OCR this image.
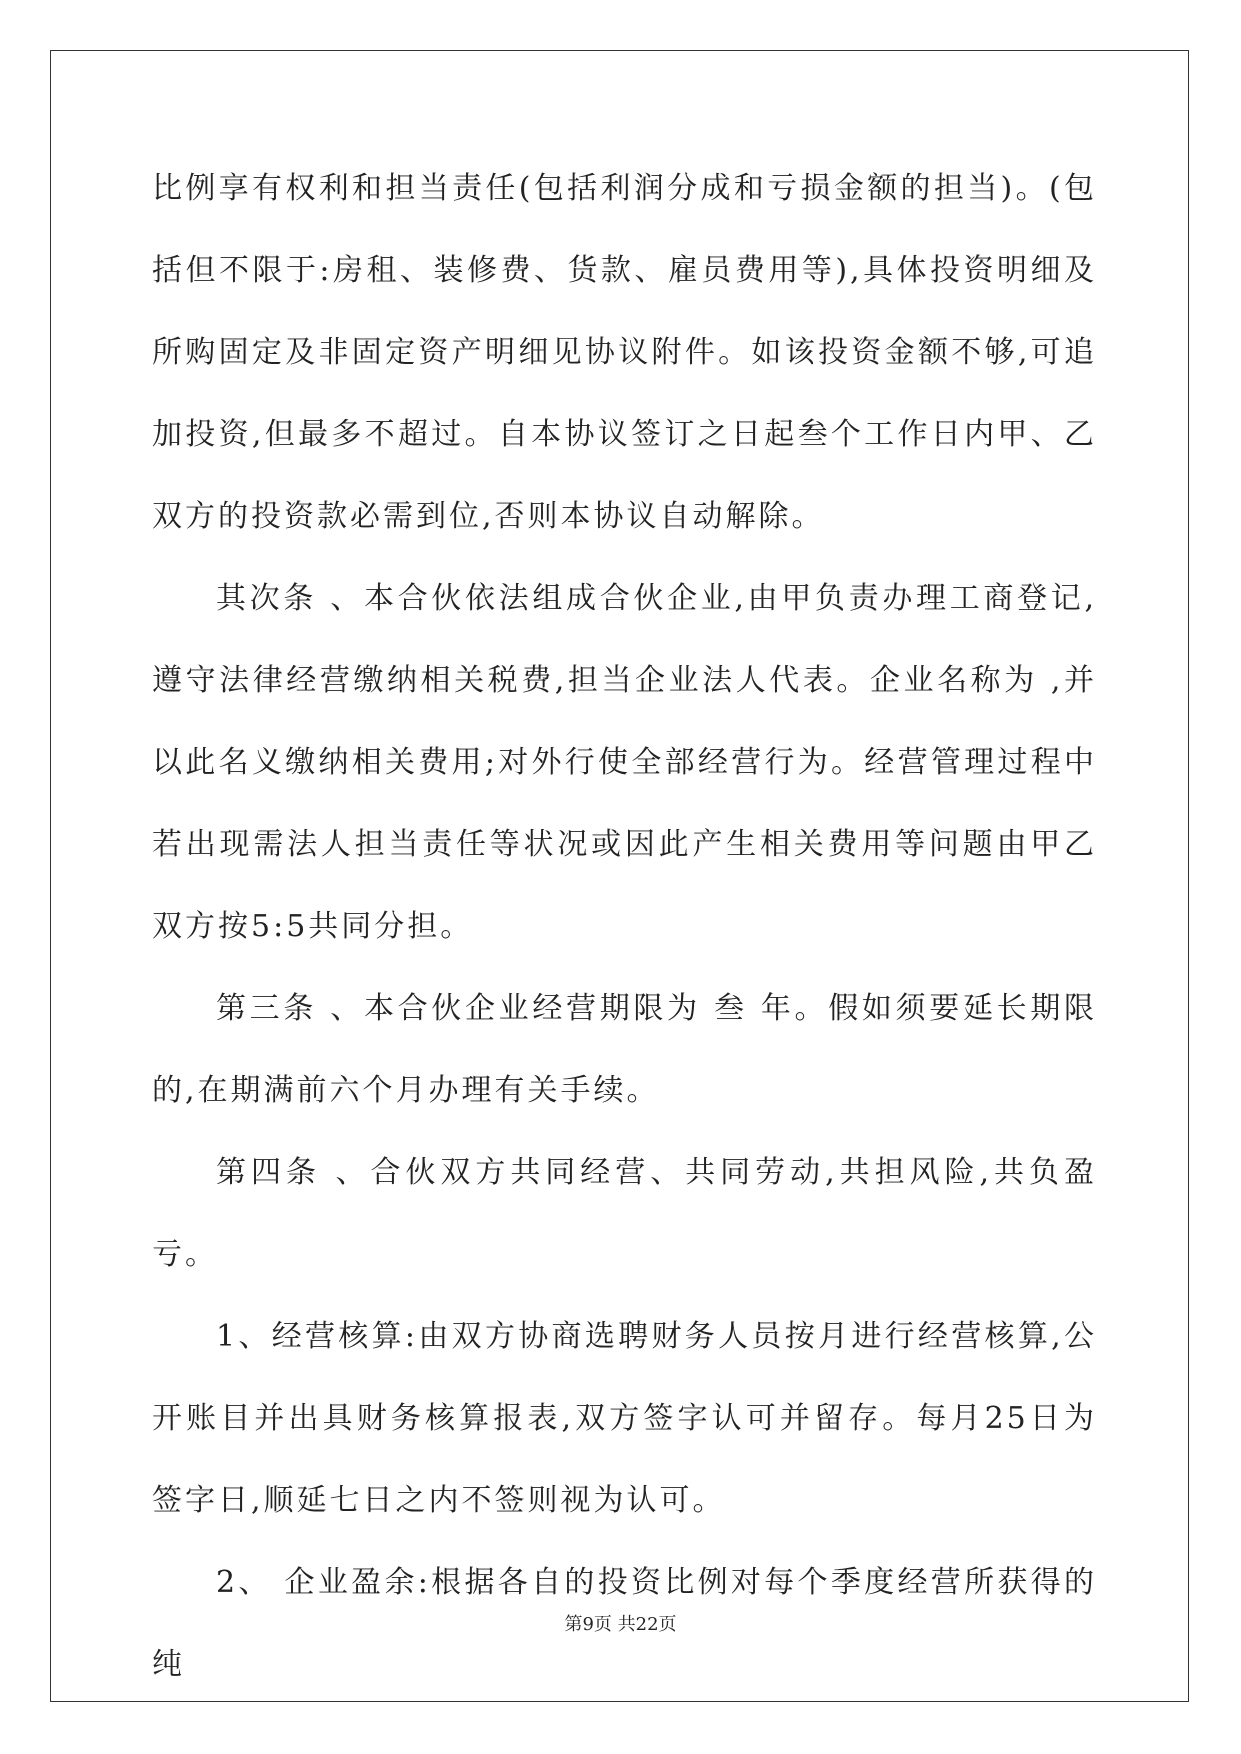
比例享有权利和担当责任(包括利润分成和亏损金额的担当)。(包括但不限于:房租、装修费、货款、雇员费用等),具体投资明细及所购固定及非固定资产明细见协议附件。如该投资金额不够,可追加投资,但最多不超过。自本协议签订之日起叁个工作日内甲、乙双方的投资款必需到位,否则本协议自动解除。

其次条 、本合伙依法组成合伙企业,由甲负责办理工商登记,遵守法律经营缴纳相关税费,担当企业法人代表。企业名称为 ,并以此名义缴纳相关费用;对外行使全部经营行为。经营管理过程中若出现需法人担当责任等状况或因此产生相关费用等问题由甲乙双方按5:5共同分担。

第三条 、本合伙企业经营期限为 叁 年。假如须要延长期限的,在期满前六个月办理有关手续。

第四条 、合伙双方共同经营、共同劳动,共担风险,共负盈亏。

1、经营核算:由双方协商选聘财务人员按月进行经营核算,公开账目并出具财务核算报表,双方签字认可并留存。每月25日为签字日,顺延七日之内不签则视为认可。

2、 企业盈余:根据各自的投资比例对每个季度经营所获得的纯

第9页 共22页
